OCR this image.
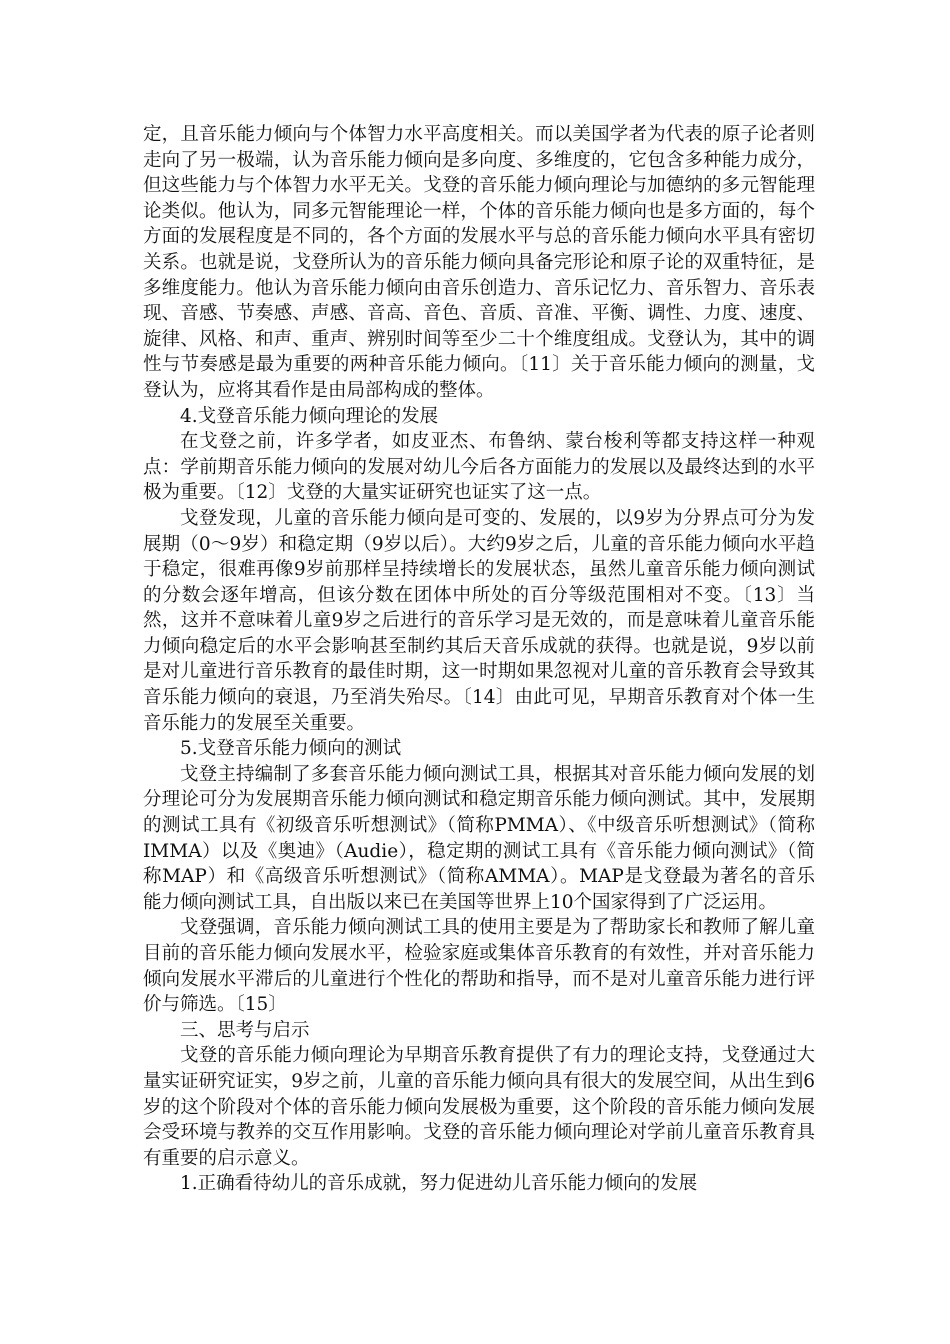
定，且音乐能力倾向与个体智力水平高度相关。而以美国学者为代表的原子论者则走向了另一极端，认为音乐能力倾向是多向度、多维度的，它包含多种能力成分，但这些能力与个体智力水平无关。戈登的音乐能力倾向理论与加德纳的多元智能理论类似。他认为，同多元智能理论一样，个体的音乐能力倾向也是多方面的，每个方面的发展程度是不同的，各个方面的发展水平与总的音乐能力倾向水平具有密切关系。也就是说，戈登所认为的音乐能力倾向具备完形论和原子论的双重特征，是多维度能力。他认为音乐能力倾向由音乐创造力、音乐记忆力、音乐智力、音乐表现、音感、节奏感、声感、音高、音色、音质、音准、平衡、调性、力度、速度、旋律、风格、和声、重声、辨别时间等至少二十个维度组成。戈登认为，其中的调性与节奏感是最为重要的两种音乐能力倾向。〔11〕关于音乐能力倾向的测量，戈登认为，应将其看作是由局部构成的整体。

4.戈登音乐能力倾向理论的发展

在戈登之前，许多学者，如皮亚杰、布鲁纳、蒙台梭利等都支持这样一种观点：学前期音乐能力倾向的发展对幼儿今后各方面能力的发展以及最终达到的水平极为重要。〔12〕戈登的大量实证研究也证实了这一点。

戈登发现，儿童的音乐能力倾向是可变的、发展的，以9岁为分界点可分为发展期（0～9岁）和稳定期（9岁以后）。大约9岁之后，儿童的音乐能力倾向水平趋于稳定，很难再像9岁前那样呈持续增长的发展状态，虽然儿童音乐能力倾向测试的分数会逐年增高，但该分数在团体中所处的百分等级范围相对不变。〔13〕当然，这并不意味着儿童9岁之后进行的音乐学习是无效的，而是意味着儿童音乐能力倾向稳定后的水平会影响甚至制约其后天音乐成就的获得。也就是说，9岁以前是对儿童进行音乐教育的最佳时期，这一时期如果忽视对儿童的音乐教育会导致其音乐能力倾向的衰退，乃至消失殆尽。〔14〕由此可见，早期音乐教育对个体一生音乐能力的发展至关重要。

5.戈登音乐能力倾向的测试

戈登主持编制了多套音乐能力倾向测试工具，根据其对音乐能力倾向发展的划分理论可分为发展期音乐能力倾向测试和稳定期音乐能力倾向测试。其中，发展期的测试工具有《初级音乐听想测试》（简称PMMA）、《中级音乐听想测试》（简称IMMA）以及《奥迪》（Audie），稳定期的测试工具有《音乐能力倾向测试》（简称MAP）和《高级音乐听想测试》（简称AMMA）。MAP是戈登最为著名的音乐能力倾向测试工具，自出版以来已在美国等世界上10个国家得到了广泛运用。

戈登强调，音乐能力倾向测试工具的使用主要是为了帮助家长和教师了解儿童目前的音乐能力倾向发展水平，检验家庭或集体音乐教育的有效性，并对音乐能力倾向发展水平滞后的儿童进行个性化的帮助和指导，而不是对儿童音乐能力进行评价与筛选。〔15〕

三、思考与启示

戈登的音乐能力倾向理论为早期音乐教育提供了有力的理论支持，戈登通过大量实证研究证实，9岁之前，儿童的音乐能力倾向具有很大的发展空间，从出生到6岁的这个阶段对个体的音乐能力倾向发展极为重要，这个阶段的音乐能力倾向发展会受环境与教养的交互作用影响。戈登的音乐能力倾向理论对学前儿童音乐教育具有重要的启示意义。

1.正确看待幼儿的音乐成就，努力促进幼儿音乐能力倾向的发展
